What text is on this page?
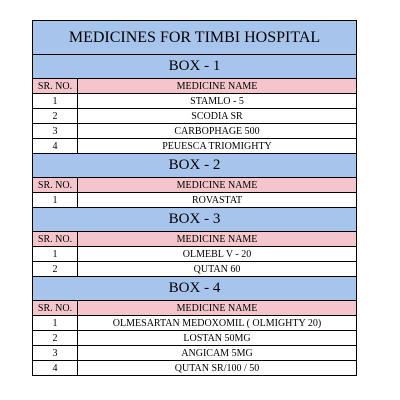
MEDICINES FOR TIMBI HOSPITAL	
BOX - 1	
SR. NO.	MEDICINE NAME
1	STAMLO - 5
2	SCODIA SR
3	CARBOPHAGE 500
4	PEUESCA TRIOMIGHTY
BOX - 2	
SR. NO.	MEDICINE NAME
1	ROVASTAT
BOX - 3	
SR. NO.	MEDICINE NAME
1	OLMEBL V - 20
2	QUTAN 60
BOX - 4	
SR. NO.	MEDICINE NAME
1	OLMESARTAN MEDOXOMIL ( OLMIGHTY 20)
2	LOSTAN 50MG
3	ANGICAM 5MG
4	QUTAN SR/100 / 50
